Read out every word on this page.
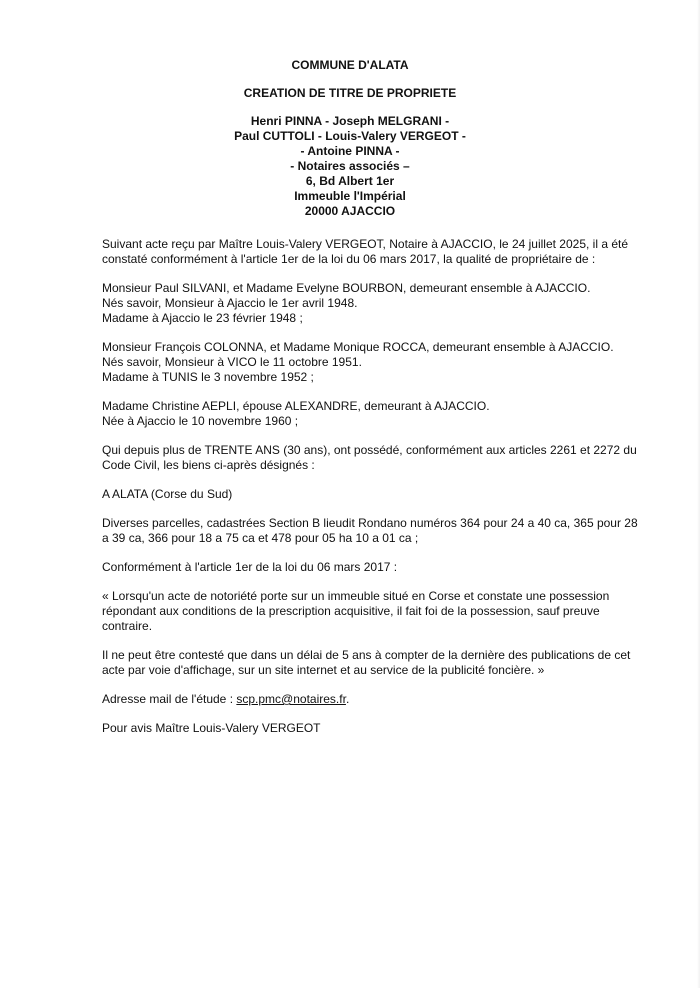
COMMUNE D'ALATA
CREATION DE TITRE DE PROPRIETE
Henri PINNA - Joseph MELGRANI -
Paul CUTTOLI - Louis-Valery VERGEOT -
- Antoine PINNA -
- Notaires associés –
6, Bd Albert 1er
Immeuble l'Impérial
20000 AJACCIO
Suivant acte reçu par Maître Louis-Valery VERGEOT, Notaire à AJACCIO, le 24 juillet 2025, il a été
constaté conformément à l'article 1er de la loi du 06 mars 2017, la qualité de propriétaire de :
Monsieur Paul SILVANI, et Madame Evelyne BOURBON, demeurant ensemble à AJACCIO.
Nés savoir, Monsieur à Ajaccio le 1er avril 1948.
Madame à Ajaccio le 23 février 1948 ;
Monsieur François COLONNA, et Madame Monique ROCCA, demeurant ensemble à AJACCIO.
Nés savoir, Monsieur à VICO le 11 octobre 1951.
Madame à TUNIS le 3 novembre 1952 ;
Madame Christine AEPLI, épouse ALEXANDRE, demeurant à AJACCIO.
Née à Ajaccio le 10 novembre 1960 ;
Qui depuis plus de TRENTE ANS (30 ans), ont possédé, conformément aux articles 2261 et 2272 du
Code Civil, les biens ci-après désignés :
A ALATA (Corse du Sud)
Diverses parcelles, cadastrées Section B lieudit Rondano numéros 364 pour 24 a 40 ca, 365 pour 28
a 39 ca, 366 pour 18 a 75 ca et 478 pour 05 ha 10 a 01 ca ;
Conformément à l'article 1er de la loi du 06 mars 2017 :
« Lorsqu'un acte de notoriété porte sur un immeuble situé en Corse et constate une possession
répondant aux conditions de la prescription acquisitive, il fait foi de la possession, sauf preuve
contraire.
Il ne peut être contesté que dans un délai de 5 ans à compter de la dernière des publications de cet
acte par voie d'affichage, sur un site internet et au service de la publicité foncière. »
Adresse mail de l'étude : scp.pmc@notaires.fr.
Pour avis Maître Louis-Valery VERGEOT
